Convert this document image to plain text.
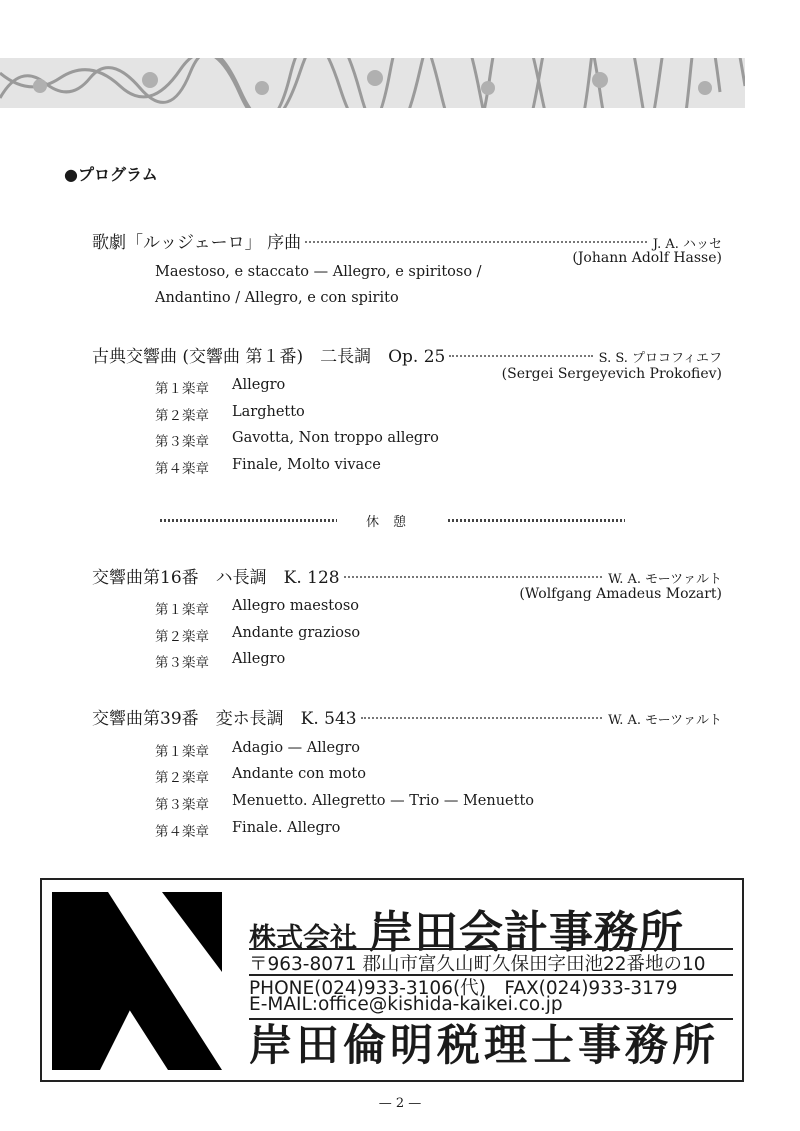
●プログラム
歌劇「ルッジェーロ」 序曲	J. A. ハッセ
(Johann Adolf Hasse)
Maestoso, e staccato — Allegro, e spiritoso /
Andantino / Allegro, e con spirito
古典交響曲 (交響曲 第１番)　二長調　Op. 25	S. S. プロコフィエフ
(Sergei Sergeyevich Prokofiev)
第１楽章	Allegro
第２楽章	Larghetto
第３楽章	Gavotta, Non troppo allegro
第４楽章	Finale, Molto vivace
休憩
交響曲第16番　ハ長調　K. 128	W. A. モーツァルト
(Wolfgang Amadeus Mozart)
第１楽章	Allegro maestoso
第２楽章	Andante grazioso
第３楽章	Allegro
交響曲第39番　変ホ長調　K. 543	W. A. モーツァルト
第１楽章	Adagio — Allegro
第２楽章	Andante con moto
第３楽章	Menuetto. Allegretto — Trio — Menuetto
第４楽章	Finale. Allegro
株式会社 岸田会計事務所
〒963-8071 郡山市富久山町久保田字田池22番地の10
PHONE(024)933-3106(代)　FAX(024)933-3179
E-MAIL:office@kishida-kaikei.co.jp
岸田倫明税理士事務所
— 2 —
